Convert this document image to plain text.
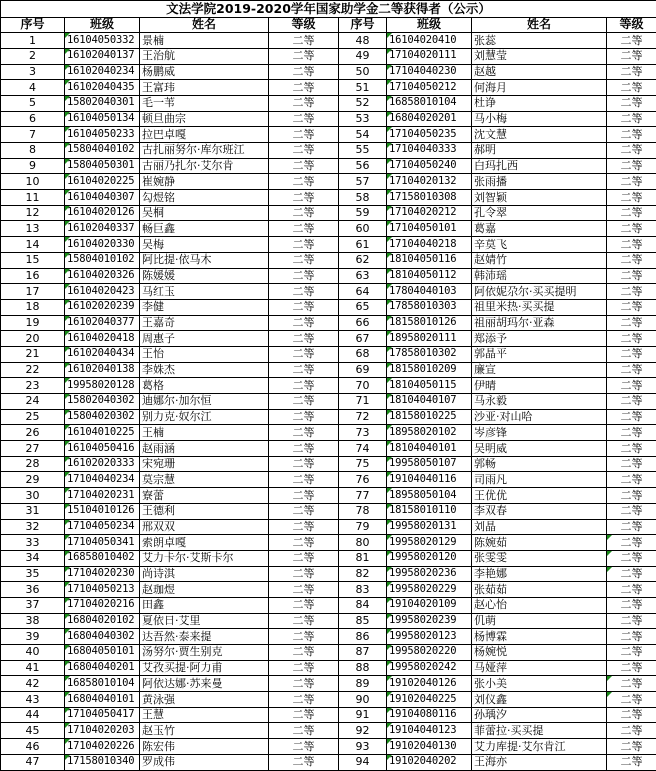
文法学院2019-2020学年国家助学金二等获得者（公示）							
序号	班级	姓名	等级	序号	班级	姓名	等级
1	16104050332	景楠	二等	48	16104020410	张蕊	二等
2	16102040137	王治航	二等	49	17104020111	刘慧莹	二等
3	16102040234	杨鹏威	二等	50	17104040230	赵越	二等
4	16102040435	王富玮	二等	51	17104050212	何海月	二等
5	15802040301	毛一苇	二等	52	16858010104	杜诤	二等
6	16104050134	顿旦曲宗	二等	53	16804020201	马小梅	二等
7	16104050233	拉巴卓嘎	二等	54	17104050235	沈文慧	二等
8	15804040102	古扎丽努尔·库尔班江	二等	55	17104040333	郝明	二等
9	15804050301	古丽乃扎尔·艾尔肯	二等	56	17104050240	白玛扎西	二等
10	16104020225	崔婉静	二等	57	17104020132	张雨播	二等
11	16104040307	勾煜铭	二等	58	17158010308	刘智颖	二等
12	16104020126	吴桐	二等	59	17104020212	孔令翠	二等
13	16102040337	畅巨鑫	二等	60	17104050101	葛嘉	二等
14	16104020330	吴梅	二等	61	17104040218	辛莫飞	二等
15	15804010102	阿比提·依马木	二等	62	18104050116	赵婧竹	二等
16	16104020326	陈媛媛	二等	63	18104050112	韩沛瑶	二等
17	16104020423	马红玉	二等	64	17804040103	阿依妮尕尔·买买提明	二等
18	16102020239	李健	二等	65	17858010303	祖里米热·买买提	二等
19	16102040377	王嘉奇	二等	66	18158010126	祖丽胡玛尔·亚森	二等
20	16104020418	周惠子	二等	67	18958020111	郑添予	二等
21	16102040434	王怡	二等	68	17858010302	郭晶平	二等
22	16102040138	李姝杰	二等	69	18158010209	廉宣	二等
23	19958020128	葛格	二等	70	18104050115	伊晴	二等
24	15802040302	迪娜尔·加尔恒	二等	71	18104040107	马永毅	二等
25	15804020302	别力克·奴尔江	二等	72	18158010225	沙亚·对山哈	二等
26	16104010225	王楠	二等	73	18958020102	岑彦锋	二等
27	16104050416	赵雨涵	二等	74	18104040101	吴明威	二等
28	16102020333	宋宛珊	二等	75	19958050107	郭畅	二等
29	17104040234	莫宗慧	二等	76	19104040116	司雨凡	二等
30	17104020231	寮蕾	二等	77	18958050104	王优优	二等
31	15104010126	王德利	二等	78	18158010110	李双春	二等
32	17104050234	邢双双	二等	79	19958020131	刘晶	二等
33	17104050341	索朗卓嘎	二等	80	19958020129	陈婉茹	二等
34	16858010402	艾力卡尔·艾斯卡尔	二等	81	19958020120	张雯雯	二等
35	17104020230	尚诗淇	二等	82	19958020236	李艳娜	二等
36	17104050213	赵珈煜	二等	83	19958020229	张茹茹	二等
37	17104020216	田鑫	二等	84	19104020109	赵心怡	二等
38	16804020102	夏依日·艾里	二等	85	19958020239	仉萌	二等
39	16804040302	达吾然·泰来提	二等	86	19958020123	杨博霖	二等
40	16804050101	汤努尔·贾生别克	二等	87	19958020220	杨婉悦	二等
41	16804040201	艾孜买提·阿力甫	二等	88	19958020242	马娅萍	二等
42	16858010104	阿依达娜·苏来曼	二等	89	19102040126	张小美	二等
43	16804040101	黄泳强	二等	90	19102040225	刘仪鑫	二等
44	17104050417	王慧	二等	91	19104080116	孙瑀汐	二等
45	17104020203	赵玉竹	二等	92	19104040123	菲蕾拉·买买提	二等
46	17104020226	陈宏伟	二等	93	19102040130	艾力库提·艾尔肯江	二等
47	17158010340	罗成伟	二等	94	19102040202	王海亦	二等
